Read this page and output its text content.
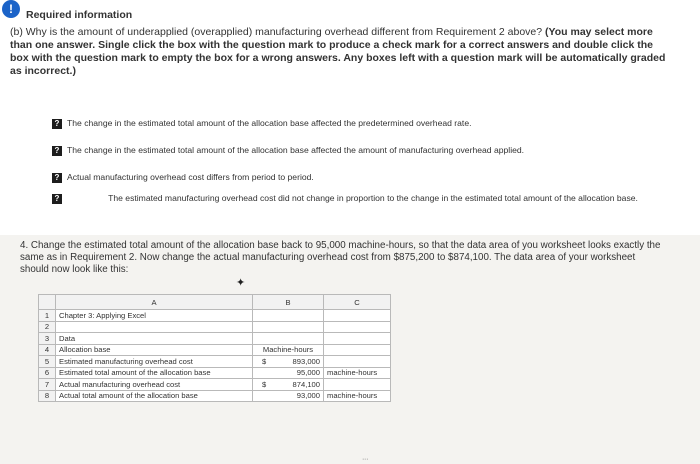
!	Required information
(b) Why is the amount of underapplied (overapplied) manufacturing overhead different from Requirement 2 above? (You may select more than one answer. Single click the box with the question mark to produce a check mark for a correct answers and double click the box with the question mark to empty the box for a wrong answers. Any boxes left with a question mark will be automatically graded as incorrect.)
? The change in the estimated total amount of the allocation base affected the predetermined overhead rate.
? The change in the estimated total amount of the allocation base affected the amount of manufacturing overhead applied.
? Actual manufacturing overhead cost differs from period to period.
?	The estimated manufacturing overhead cost did not change in proportion to the change in the estimated total amount of the allocation base.
4. Change the estimated total amount of the allocation base back to 95,000 machine-hours, so that the data area of you worksheet looks exactly the same as in Requirement 2. Now change the actual manufacturing overhead cost from $875,200 to $874,100. The data area of your worksheet should now look like this:
✦
	A	B	C
1	Chapter 3: Applying Excel	

2		

3	Data	

4	Allocation base	Machine-hours	
5	Estimated manufacturing overhead cost	$ 893,000	
6	Estimated total amount of the allocation base	95,000	machine-hours
7	Actual manufacturing overhead cost	$ 874,100	
8	Actual total amount of the allocation base	93,000	machine-hours
ᐧᐧᐧ
